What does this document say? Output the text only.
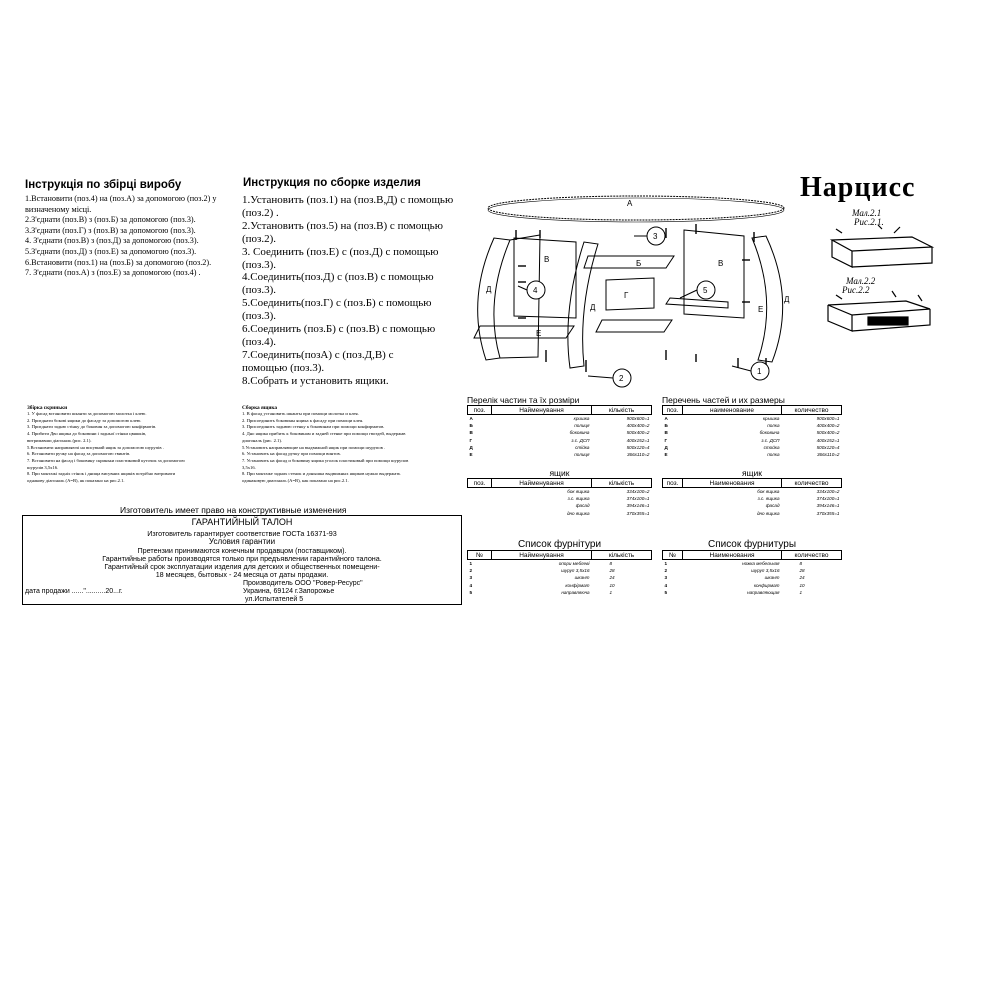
Нарцисс
Інструкція по збірці виробу
1.Встановити (поз.4) на (поз.А) за допомогою (поз.2) у
визначеному місці.
2.З'єднати (поз.В) з (поз.Б) за допомогою (поз.3).
3.З'єднати (поз.Г) з (поз.В) за допомогою (поз.3).
4. З'єднати (поз.В) з (поз.Д) за допомогою (поз.3).
5.З'єднати (поз.Д) з (поз.Е) за допомогою (поз.3).
6.Встановити (поз.1) на (поз.Б) за допомогою (поз.2).
7. З'єднати (поз.А) з (поз.Е) за допомогою (поз.4) .
Инструкция по сборке изделия
1.Установить (поз.1) на (поз.В,Д) с помощью
(поз.2) .
2.Установить (поз.5) на (поз.В) с помощью
(поз.2).
3. Соединить (поз.Е) с (поз.Д) с помощью
(поз.3).
4.Соединить(поз.Д) с (поз.В) с помощью
(поз.3).
5.Соединить(поз.Г) с (поз.Б) с помощью
(поз.3).
6.Соединить (поз.Б) с (поз.В) с помощью
(поз.4).
7.Соединить(позА) с (поз.Д,В) с
помощью (поз.3).
8.Собрать и установить ящики.
Збірка скриньки
1. У фасад встановити шканти за допомогою молотка і клею.
2. Приєднати бокові ящики до фасаду за допомогою клею.
3. Приєднати задню стінку до боковин за допомогою конфірматів.
4. Прибити Дво ящика до боковини і задньої стінки цвяшків,
витримавши діагональ (рис. 2.1).
5.Встановити направляючі на висувний ящик за допомогою шурупів .
6. Встановити ручку на фасад за допомогою гвинтів.
7. Встановити на фасад і боковину скриньки пластиковий куточок за допомогою
шурупів 3,5х16.
8. При монтажі задніх стінок і днища висувних ящиків потрібно витримати
однакову діагональ (А=В), як показано на рис.2.1.
Сборка ящика
1. В фасад установить шканты при помощи молотка и клея.
2. Присоединить боковины ящика к фасаду при помощи клея.
3. Присоединить заднюю стенку к боковинам при помощи конфирматов.
4. Дно ящика прибить к боковинам и задней стенке при помощи гвоздей, выдержав
диагональ (рис. 2.1).
5.Установить направляющие на выдвижной ящик при помощи шурупов .
6. Установить на фасад ручку при помощи винтов.
7. Установить на фасад и боковину ящика уголок пластиковый при помощи шурупов
3,5х16.
8. При монтаже задних стенок и донышка выдвижных ящиков нужно выдержать
одинаковую диагональ (А=В), как показано на рис.2.1.
Изготовитель имеет право на конструктивные изменения
ГАРАНТИЙНЫЙ ТАЛОН
Изготовитель гарантирует соответствие ГОСТа 16371-93
Условия гарантии
Претензии принимаются конечным продавцом (поставщиком).
Гарантийные работы производятся только при предъявлении гарантийного талона.
Гарантийный срок эксплуатации изделия для детских и общественных помещени-
18 месяцев, бытовых - 24 месяца от даты продажи.
дата продажи ......"..........20...г.
Производитель ООО "Ровер-Ресурс"
Украина, 69124 г.Запорожье
ул.Испытателей 5
А
В	Б
Г
Д
Д
Д
Е
Е
В
3
4	5
2
1
Мал.2.1
Рис.2.1.
Мал.2.2
Рис.2.2
Перелік частин та їх розміри
поз.	Найменування	кількість
А	кришка	900х600=1
Б	полиця	400х400=2
В	боковина	500х400=2
Г	з.с. ДСП	400х152=1
Д	стійка	500х120=4
Е	полиця	366х110=2
Перечень частей и их размеры
поз.	наименование	количество
А	крышка	900х600=1
Б	полка	400х400=2
В	боковина	500х400=2
Г	з.с. ДСП	400х152=1
Д	стойка	500х120=4
Е	полка	366х110=2
ящик
поз.	Найменування	кількість
	бок ящика	334х100=2
	з.с. ящика	374х100=1
	фасад	394х146=1
	дно ящика	370х355=1
ящик
поз.	Наименования	количество
	бок ящика	334х100=2
	з.с. ящика	374х100=1
	фасад	394х146=1
	дно ящика	370х355=1
Список фурнітури
№	Найменування	кількість
1	опори меблеві	8
2	шуруп 3,5х16	28
3	шкант	24
4	конфірмат	10
5	направляюча	1
Список фурнитуры
№	Наименования	количество
1	ножка мебельная	8
2	шуруп 3,5х16	28
3	шкант	24
4	конфирмат	10
5	направляющая	1
